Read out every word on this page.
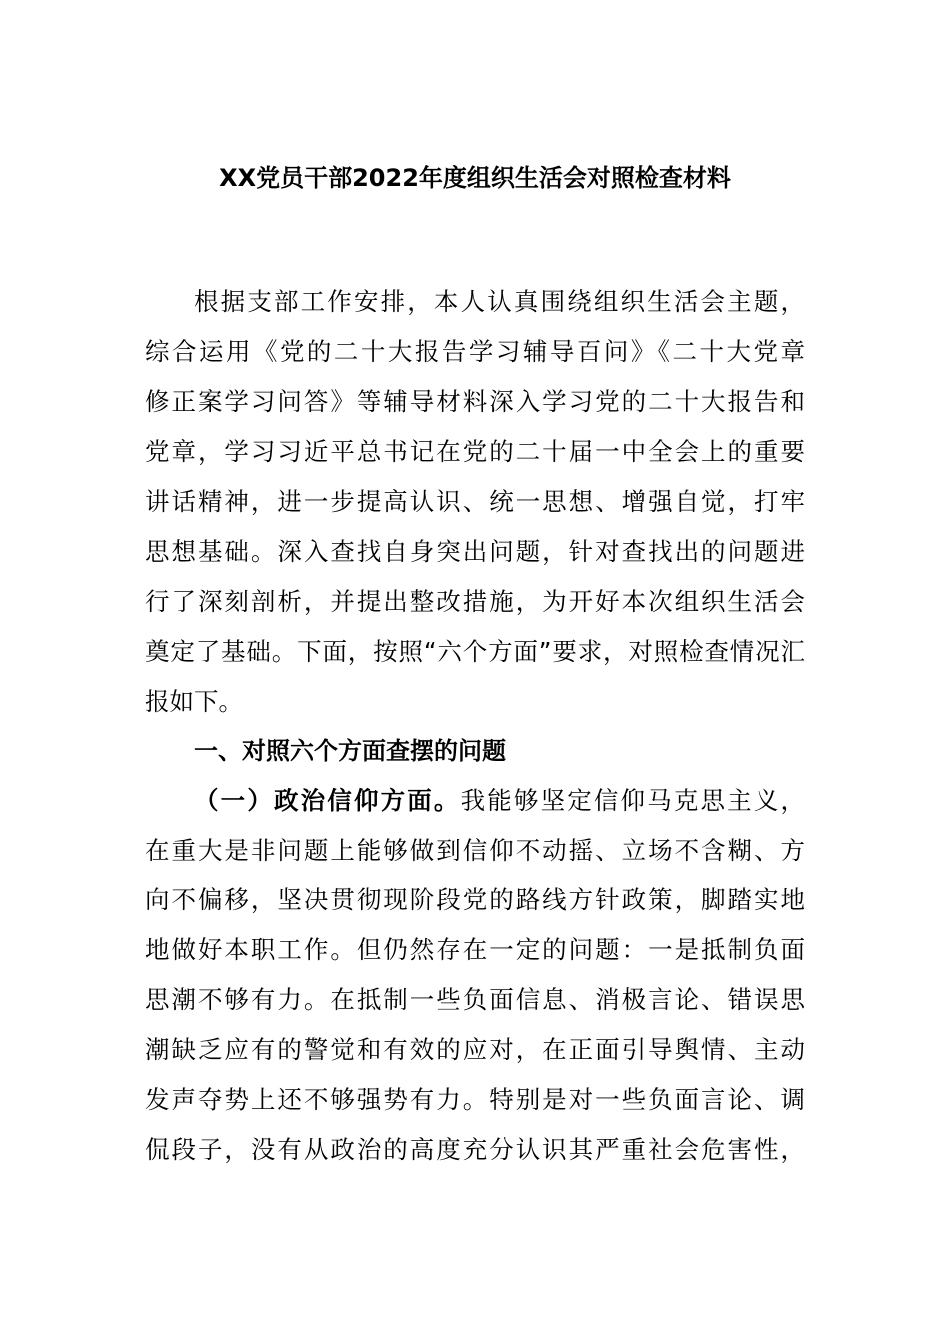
XX党员干部2022年度组织生活会对照检查材料
根据支部工作安排，本人认真围绕组织生活会主题，
综合运用《党的二十大报告学习辅导百问》《二十大党章
修正案学习问答》等辅导材料深入学习党的二十大报告和
党章，学习习近平总书记在党的二十届一中全会上的重要
讲话精神，进一步提高认识、统一思想、增强自觉，打牢
思想基础。深入查找自身突出问题，针对查找出的问题进
行了深刻剖析，并提出整改措施，为开好本次组织生活会
奠定了基础。下面，按照“六个方面”要求，对照检查情况汇
报如下。
一、对照六个方面查摆的问题
（一）政治信仰方面。我能够坚定信仰马克思主义，
在重大是非问题上能够做到信仰不动摇、立场不含糊、方
向不偏移，坚决贯彻现阶段党的路线方针政策，脚踏实地
地做好本职工作。但仍然存在一定的问题：一是抵制负面
思潮不够有力。在抵制一些负面信息、消极言论、错误思
潮缺乏应有的警觉和有效的应对，在正面引导舆情、主动
发声夺势上还不够强势有力。特别是对一些负面言论、调
侃段子，没有从政治的高度充分认识其严重社会危害性，
